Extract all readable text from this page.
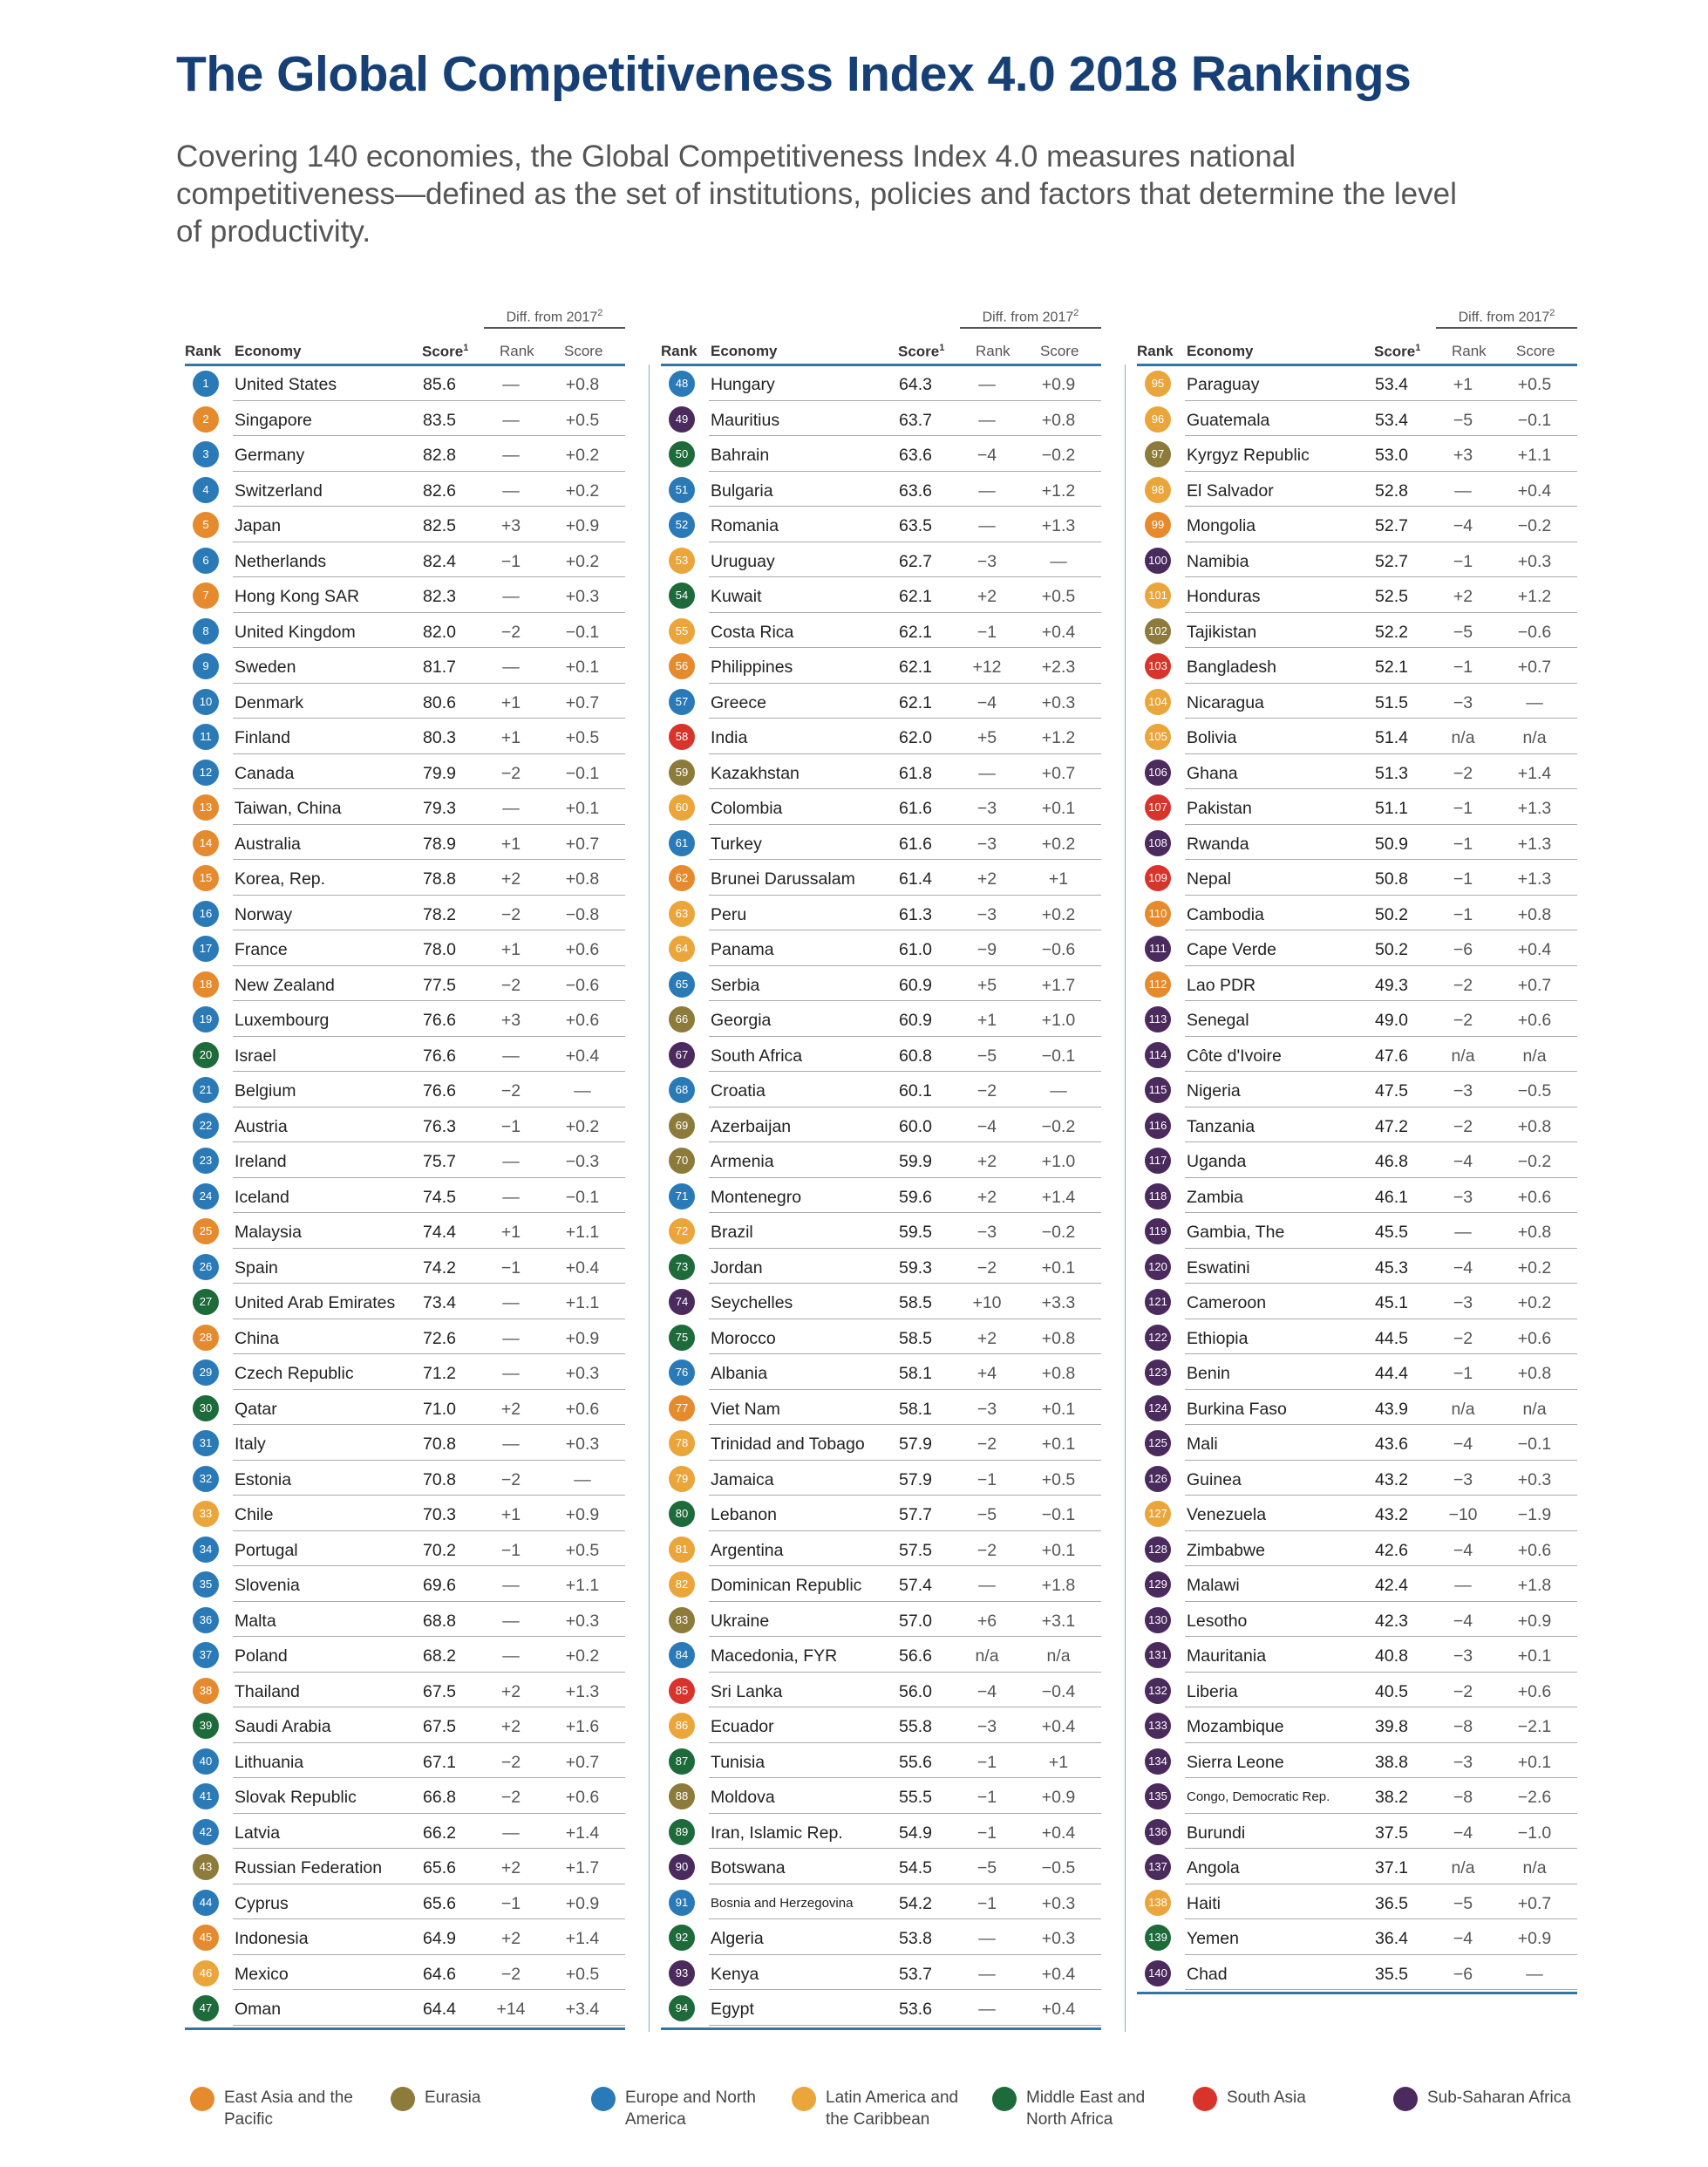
The Global Competitiveness Index 4.0 2018 Rankings
Covering 140 economies, the Global Competitiveness Index 4.0 measures national competitiveness—defined as the set of institutions, policies and factors that determine the level of productivity.
Diff. from 2017$^2$
Rank Economy	Score$^1$ Rank Score
1	United States	85.6	—	+0.8
2	Singapore	83.5	—	+0.5
3	Germany	82.8	—	+0.2
4	Switzerland	82.6	—	+0.2
5	Japan	82.5	+3	+0.9
6	Netherlands	82.4	−1	+0.2
7	Hong Kong SAR	82.3	—	+0.3
8	United Kingdom	82.0	−2	−0.1
9	Sweden	81.7	—	+0.1
10	Denmark	80.6	+1	+0.7
11	Finland	80.3	+1	+0.5
12	Canada	79.9	−2	−0.1
13	Taiwan, China	79.3	—	+0.1
14	Australia	78.9	+1	+0.7
15	Korea, Rep.	78.8	+2	+0.8
16	Norway	78.2	−2	−0.8
17	France	78.0	+1	+0.6
18	New Zealand	77.5	−2	−0.6
19	Luxembourg	76.6	+3	+0.6
20	Israel	76.6	—	+0.4
21	Belgium	76.6	−2	—
22	Austria	76.3	−1	+0.2
23	Ireland	75.7	—	−0.3
24	Iceland	74.5	—	−0.1
25	Malaysia	74.4	+1	+1.1
26	Spain	74.2	−1	+0.4
27	United Arab Emirates 73.4	—	+1.1
28	China	72.6	—	+0.9
29	Czech Republic	71.2	—	+0.3
30	Qatar	71.0	+2	+0.6
31	Italy	70.8	—	+0.3
32	Estonia	70.8	−2	—
33	Chile	70.3	+1	+0.9
34	Portugal	70.2	−1	+0.5
35	Slovenia	69.6	—	+1.1
36	Malta	68.8	—	+0.3
37	Poland	68.2	—	+0.2
38	Thailand	67.5	+2	+1.3
39	Saudi Arabia	67.5	+2	+1.6
40	Lithuania	67.1	−2	+0.7
41	Slovak Republic	66.8	−2	+0.6
42	Latvia	66.2	—	+1.4
43	Russian Federation 65.6	+2	+1.7
44	Cyprus	65.6	−1	+0.9
45	Indonesia	64.9	+2	+1.4
46	Mexico	64.6	−2	+0.5
47	Oman	64.4	+14	+3.4
Diff. from 2017$^2$
Rank Economy	Score$^1$ Rank Score
48	Hungary	64.3	—	+0.9
49	Mauritius	63.7	—	+0.8
50	Bahrain	63.6	−4	−0.2
51	Bulgaria	63.6	—	+1.2
52	Romania	63.5	—	+1.3
53	Uruguay	62.7	−3	—
54	Kuwait	62.1	+2	+0.5
55	Costa Rica	62.1	−1	+0.4
56	Philippines	62.1	+12	+2.3
57	Greece	62.1	−4	+0.3
58	India	62.0	+5	+1.2
59	Kazakhstan	61.8	—	+0.7
60	Colombia	61.6	−3	+0.1
61	Turkey	61.6	−3	+0.2
62	Brunei Darussalam	61.4	+2	+1
63	Peru	61.3	−3	+0.2
64	Panama	61.0	−9	−0.6
65	Serbia	60.9	+5	+1.7
66	Georgia	60.9	+1	+1.0
67	South Africa	60.8	−5	−0.1
68	Croatia	60.1	−2	—
69	Azerbaijan	60.0	−4	−0.2
70	Armenia	59.9	+2	+1.0
71	Montenegro	59.6	+2	+1.4
72	Brazil	59.5	−3	−0.2
73	Jordan	59.3	−2	+0.1
74	Seychelles	58.5	+10	+3.3
75	Morocco	58.5	+2	+0.8
76	Albania	58.1	+4	+0.8
77	Viet Nam	58.1	−3	+0.1
78	Trinidad and Tobago 57.9	−2	+0.1
79	Jamaica	57.9	−1	+0.5
80	Lebanon	57.7	−5	−0.1
81	Argentina	57.5	−2	+0.1
82	Dominican Republic 57.4	—	+1.8
83	Ukraine	57.0	+6	+3.1
84	Macedonia, FYR	56.6	n/a	n/a
85	Sri Lanka	56.0	−4	−0.4
86	Ecuador	55.8	−3	+0.4
87	Tunisia	55.6	−1	+1
88	Moldova	55.5	−1	+0.9
89	Iran, Islamic Rep.	54.9	−1	+0.4
90	Botswana	54.5	−5	−0.5
91	Bosnia and Herzegovina	54.2	−1	+0.3
92	Algeria	53.8	—	+0.3
93	Kenya	53.7	—	+0.4
94	Egypt	53.6	—	+0.4
Diff. from 2017$^2$
Rank Economy	Score$^1$ Rank Score
95	Paraguay	53.4	+1	+0.5
96	Guatemala	53.4	−5	−0.1
97	Kyrgyz Republic	53.0	+3	+1.1
98	El Salvador	52.8	—	+0.4
99	Mongolia	52.7	−4	−0.2
100 Namibia	52.7	−1	+0.3
101 Honduras	52.5	+2	+1.2
102 Tajikistan	52.2	−5	−0.6
103 Bangladesh	52.1	−1	+0.7
104 Nicaragua	51.5	−3	—
105 Bolivia	51.4	n/a	n/a
106 Ghana	51.3	−2	+1.4
107 Pakistan	51.1	−1	+1.3
108 Rwanda	50.9	−1	+1.3
109 Nepal	50.8	−1	+1.3
110 Cambodia	50.2	−1	+0.8
111 Cape Verde	50.2	−6	+0.4
112 Lao PDR	49.3	−2	+0.7
113 Senegal	49.0	−2	+0.6
114 Côte d'Ivoire	47.6	n/a	n/a
115 Nigeria	47.5	−3	−0.5
116 Tanzania	47.2	−2	+0.8
117 Uganda	46.8	−4	−0.2
118 Zambia	46.1	−3	+0.6
119 Gambia, The	45.5	—	+0.8
120 Eswatini	45.3	−4	+0.2
121 Cameroon	45.1	−3	+0.2
122 Ethiopia	44.5	−2	+0.6
123 Benin	44.4	−1	+0.8
124 Burkina Faso	43.9	n/a	n/a
125 Mali	43.6	−4	−0.1
126 Guinea	43.2	−3	+0.3
127 Venezuela	43.2	−10	−1.9
128 Zimbabwe	42.6	−4	+0.6
129 Malawi	42.4	—	+1.8
130 Lesotho	42.3	−4	+0.9
131 Mauritania	40.8	−3	+0.1
132 Liberia	40.5	−2	+0.6
133 Mozambique	39.8	−8	−2.1
134 Sierra Leone	38.8	−3	+0.1
135 Congo, Democratic Rep.	38.2	−8	−2.6
136 Burundi	37.5	−4	−1.0
137 Angola	37.1	n/a	n/a
138 Haiti	36.5	−5	+0.7
139 Yemen	36.4	−4	+0.9
140 Chad	35.5	−6	—
East Asia and the Pacific
Eurasia	Europe and North America
Latin America and the Caribbean
Middle East and North Africa
South Asia	Sub-Saharan Africa
